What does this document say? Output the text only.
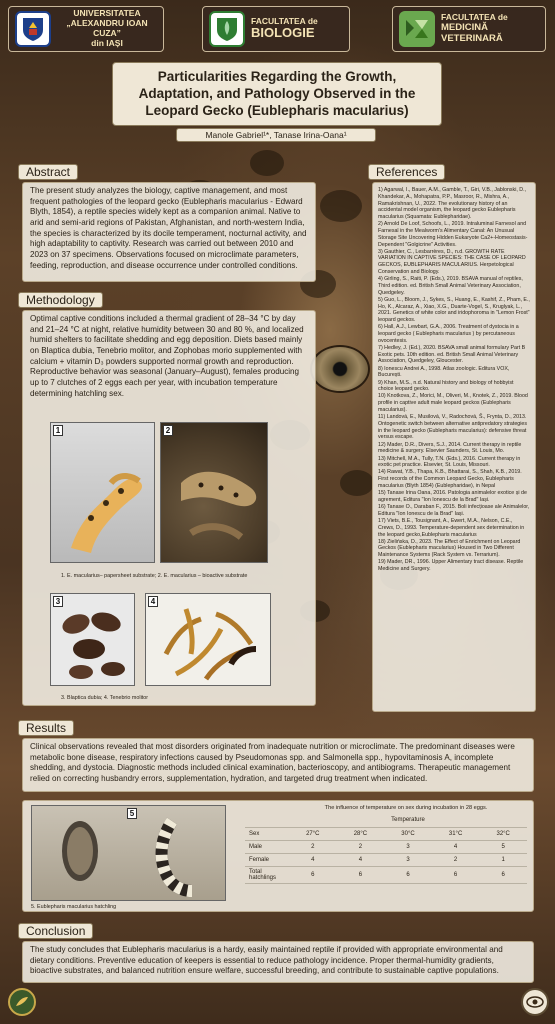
UNIVERSITATEA
„ALEXANDRU IOAN CUZA”
din IAȘI
FACULTATEA de
BIOLOGIE
FACULTATEA de
MEDICINĂ VETERINARĂ
Particularities Regarding the Growth, Adaptation, and Pathology Observed in the Leopard Gecko (Eublepharis macularius)
Manole Gabriel¹*, Tanase Irina-Oana¹
Abstract
The present study analyzes the biology, captive management, and most frequent pathologies of the leopard gecko (Eublepharis macularius - Edward Blyth, 1854), a reptile species widely kept as a companion animal. Native to arid and semi-arid regions of Pakistan, Afghanistan, and north-western India, the species is characterized by its docile temperament, nocturnal activity, and high adaptability to captivity. Research was carried out between 2010 and 2023 on 37 specimens. Observations focused on microclimate parameters, feeding, reproduction, and disease occurrence under controlled conditions.
Methodology
Optimal captive conditions included a thermal gradient of 28–34 °C by day and 21–24 °C at night, relative humidity between 30 and 80 %, and localized humid shelters to facilitate shedding and egg deposition. Diets based mainly on Blaptica dubia, Tenebrio molitor, and Zophobas morio supplemented with calcium + vitamin D₃ powders supported normal growth and reproduction. Reproductive behavior was seasonal (January–August), females producing up to 7 clutches of 2 eggs each per year, with incubation temperature determining hatchling sex.
1	2
1. E. macularius– papersheet substrate; 2. E. macularius – bioactive substrate
3	4
3. Blaptica dubia; 4. Tenebrio molitor
References
1) Agarwal, I., Bauer, A.M., Gamble, T., Giri, V.B., Jablonski, D., Khandekar, A., Mohapatra, P.P., Masroor, R., Mishra, A., Ramakrishnan, U., 2022. The evolutionary history of an accidental model organism, the leopard gecko Eublepharis macularius (Squamata: Eublepharidae).
2) Arnold De Loof, Schoofs, L., 2019. Intraluminal Farnesol and Farnesal in the Mealworm's Alimentary Canal: An Unusual Storage Site Uncovering Hidden Eukaryote Ca2+-Homeostasis-Dependent "Golgicrine" Activities.
3) Gauthier, C., Lesbarrères, D., n.d. GROWTH RATE VARIATION IN CAPTIVE SPECIES: THE CASE OF LEOPARD GECKOS, EUBLEPHARIS MACULARIUS. Herpetological Conservation and Biology.
4) Girling, S., Raiti, P. (Eds.), 2019. BSAVA manual of reptiles, Third edition. ed. British Small Animal Veterinary Association, Quedgeley.
5) Guo, L., Bloom, J., Sykes, S., Huang, E., Kashif, Z., Pham, E., Ho, K., Alcaraz, A., Xiao, X.G., Duarte-Vogel, S., Kruglyak, L., 2021. Genetics of white color and iridophoroma in "Lemon Frost" leopard geckos.
6) Hall, A.J., Lewbart, G.A., 2006. Treatment of dystocia in a leopard gecko ( Eublepharis macularius ) by percutaneous ovocentesis.
7) Hedley, J. (Ed.), 2020. BSAVA small animal formulary Part B Exotic pets. 10th edition. ed. British Small Animal Veterinary Association, Quedgeley, Gloucester.
8) Ionescu Andrei A., 1998. Atlas zoologic. Editura VOX, București.
9) Khan, M.S., n.d. Natural history and biology of hobbyist choice leopard gecko.
10) Knotkova, Z., Morici, M., Oliveri, M., Knotek, Z., 2019. Blood profile in captive adult male leopard geckos (Eublepharis macularius).
11) Landová, E., Musilová, V., Radochová, Š., Frynta, D., 2013. Ontogenetic switch between alternative antipredatory strategies in the leopard gecko (Eublepharis macularius): defensive threat versus escape.
12) Mader, D.R., Divers, S.J., 2014. Current therapy in reptile medicine & surgery. Elsevier Saunders, St. Louis, Mo.
13) Mitchell, M.A., Tully, T.N. (Eds.), 2016. Current therapy in exotic pet practice. Elsevier, St. Louis, Missouri.
14) Rawat, Y.B., Thapa, K.B., Bhattarai, S., Shah, K.B., 2019. First records of the Common Leopard Gecko, Eublepharis macularius (Blyth 1854) (Eublepharidae), in Nepal
15) Tanase Irina Oana, 2016. Patologia animalelor exotice și de agrement, Editura "Ion Ionescu de la Brad" Iași.
16) Tanase O., Daraban F., 2015. Boli infecțioase ale Animalelor, Editura "Ion Ionescu de la Brad" Iași.
17) Viets, B.E., Tousignant, A., Ewert, M.A., Nelson, C.E., Crews, D., 1993. Temperature-dependent sex determination in the leopard gecko,Eublepharis macularius
18) Zielińska, D., 2023. The Effect of Enrichment on Leopard Geckos (Eublepharis macularius) Housed in Two Different Maintenance Systems (Rack System vs. Terrarium).
19) Mader, DR., 1996. Upper Alimentary tract disease. Reptile Medicine and Surgery.
Results
Clinical observations revealed that most disorders originated from inadequate nutrition or microclimate. The predominant diseases were metabolic bone disease, respiratory infections caused by Pseudomonas spp. and Salmonella spp., hypovitaminosis A, incomplete shedding, and dystocia. Diagnostic methods included clinical examination, bacterioscopy, and antibiograms. Therapeutic management relied on correcting husbandry errors, supplementation, hydration, and targeted drug treatment when indicated.
5
5. Eublepharis macularius hatchling
The influence of temperature on sex during incubation in 28 eggs.
	Temperature				
Sex	27°C	28°C	30°C	31°C	32°C
Male	2	2	3	4	5
Female	4	4	3	2	1
Total hatchlings	6	6	6	6	6
Conclusion
The study concludes that Eublepharis macularius is a hardy, easily maintained reptile if provided with appropriate environmental and dietary conditions. Preventive education of keepers is essential to reduce pathology incidence. Proper thermal-humidity gradients, bioactive substrates, and balanced nutrition ensure welfare, successful breeding, and contribute to sustainable captive populations.
